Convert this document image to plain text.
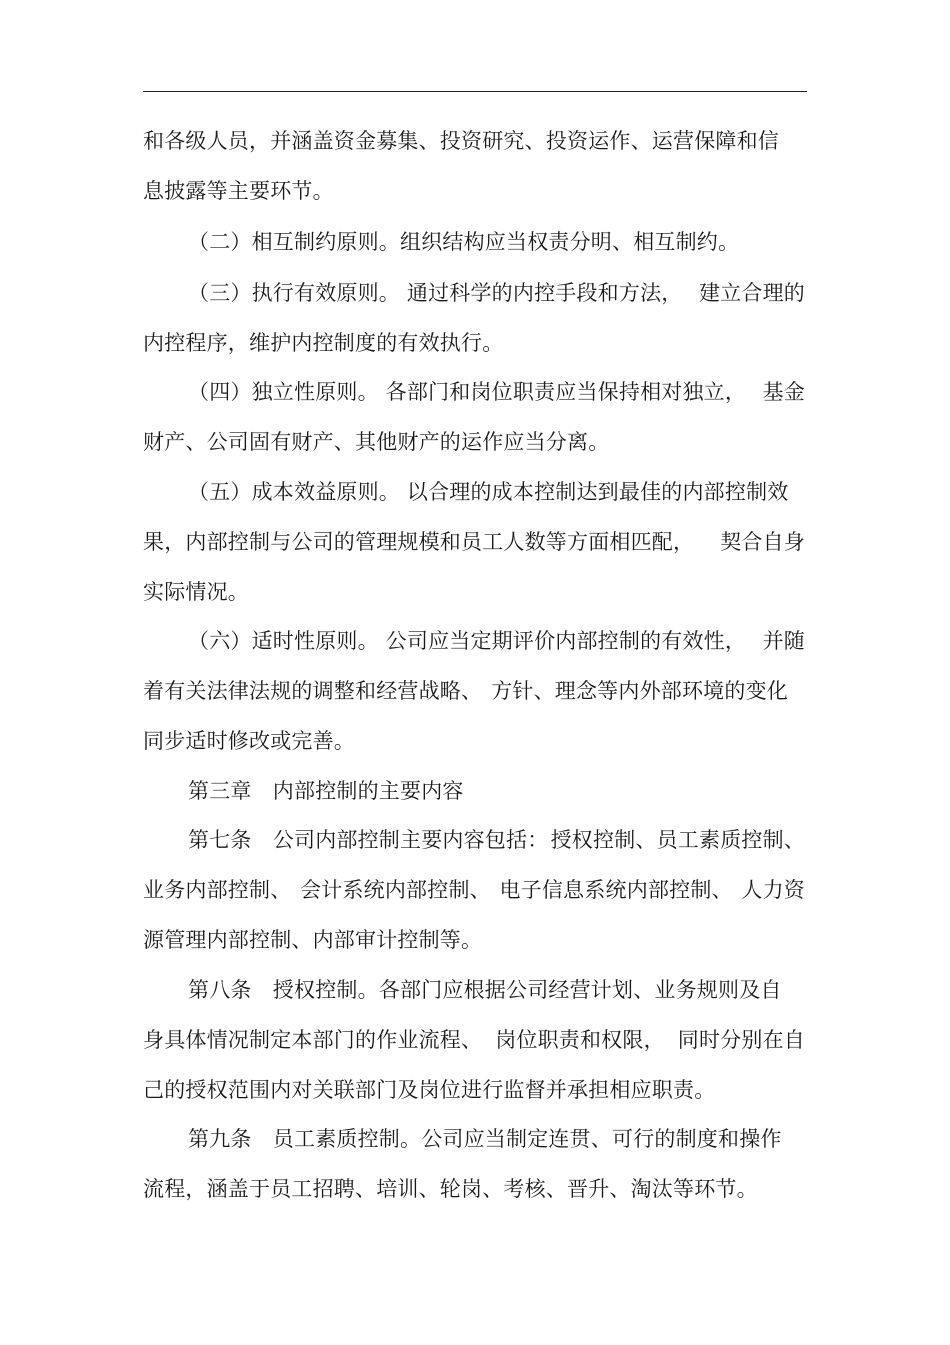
和各级人员，并涵盖资金募集、投资研究、投资运作、运营保障和信
息披露等主要环节。
（二）相互制约原则。组织结构应当权责分明、相互制约。
（三）执行有效原则。 通过科学的内控手段和方法， 建立合理的
内控程序，维护内控制度的有效执行。
（四）独立性原则。 各部门和岗位职责应当保持相对独立， 基金
财产、公司固有财产、其他财产的运作应当分离。
（五）成本效益原则。 以合理的成本控制达到最佳的内部控制效
果，内部控制与公司的管理规模和员工人数等方面相匹配， 契合自身
实际情况。
（六）适时性原则。 公司应当定期评价内部控制的有效性， 并随
着有关法律法规的调整和经营战略、 方针、理念等内外部环境的变化
同步适时修改或完善。
第三章　内部控制的主要内容
第七条　公司内部控制主要内容包括： 授权控制、员工素质控制、
业务内部控制、 会计系统内部控制、 电子信息系统内部控制、 人力资
源管理内部控制、内部审计控制等。
第八条　授权控制。各部门应根据公司经营计划、业务规则及自
身具体情况制定本部门的作业流程、 岗位职责和权限， 同时分别在自
己的授权范围内对关联部门及岗位进行监督并承担相应职责。
第九条　员工素质控制。公司应当制定连贯、可行的制度和操作
流程，涵盖于员工招聘、培训、轮岗、考核、晋升、淘汰等环节。
